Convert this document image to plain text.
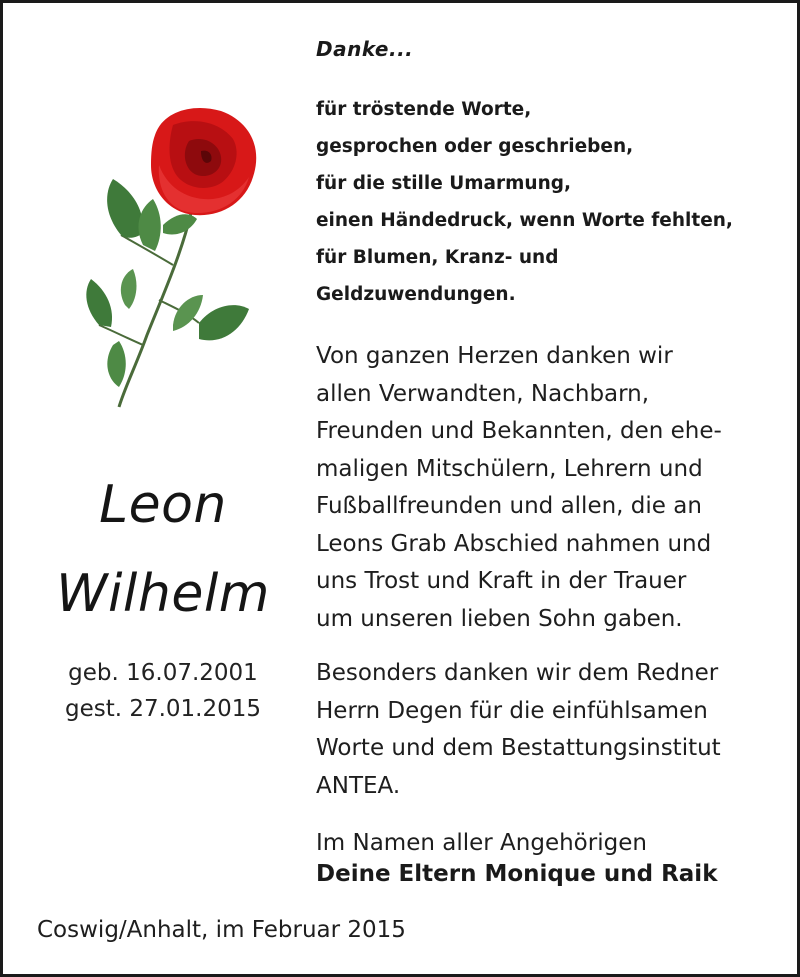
Leon
Wilhelm
geb. 16.07.2001
gest. 27.01.2015
Danke...
für tröstende Worte,
gesprochen oder geschrieben,
für die stille Umarmung,
einen Händedruck, wenn Worte fehlten,
für Blumen, Kranz- und
Geldzuwendungen.
Von ganzen Herzen danken wir
allen Verwandten, Nachbarn,
Freunden und Bekannten, den ehe-
maligen Mitschülern, Lehrern und
Fußballfreunden und allen, die an
Leons Grab Abschied nahmen und
uns Trost und Kraft in der Trauer
um unseren lieben Sohn gaben.
Besonders danken wir dem Redner
Herrn Degen für die einfühlsamen
Worte und dem Bestattungsinstitut
ANTEA.
Im Namen aller Angehörigen
Deine Eltern Monique und Raik
Coswig/Anhalt, im Februar 2015
